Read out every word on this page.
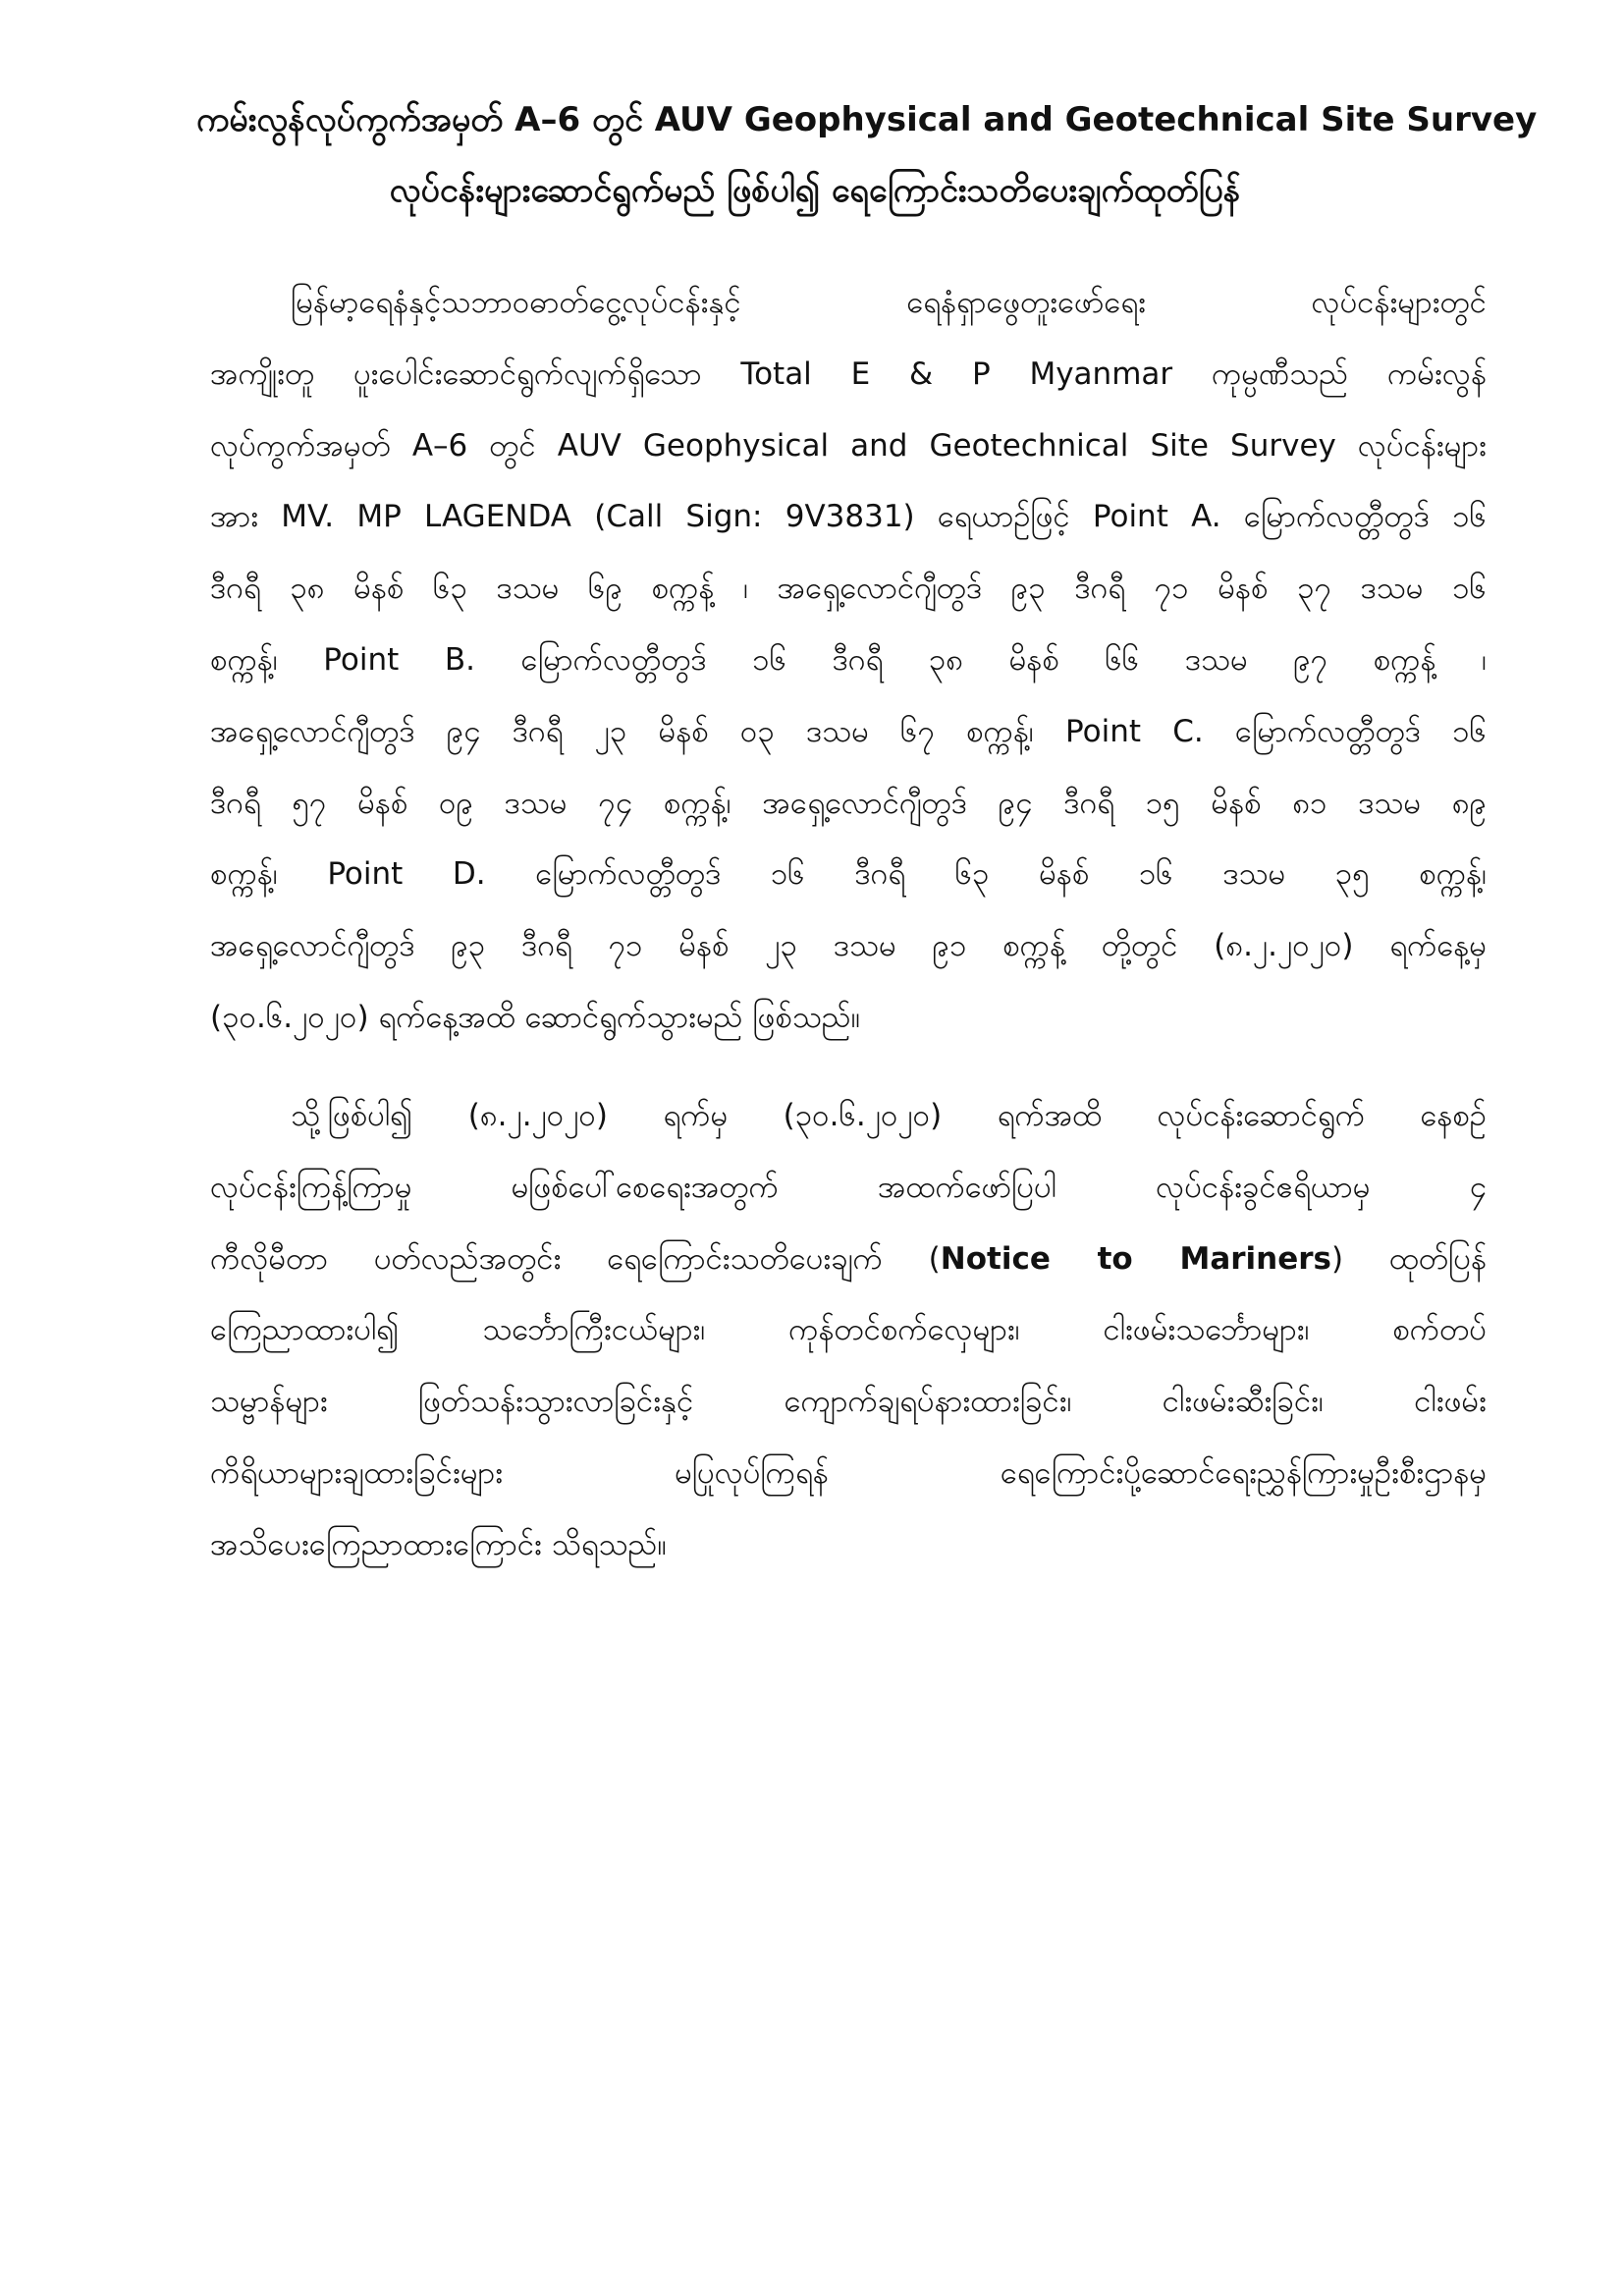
ကမ်းလွန်လုပ်ကွက်အမှတ် A–6 တွင် AUV Geophysical and Geotechnical Site Survey
လုပ်ငန်းများဆောင်ရွက်မည် ဖြစ်ပါ၍ ရေကြောင်းသတိပေးချက်ထုတ်ပြန်
မြန်မာ့ရေနံနှင့်သဘာဝဓာတ်ငွေ့လုပ်ငန်းနှင့် ရေနံရှာဖွေတူးဖော်ရေး လုပ်ငန်းများတွင်
အကျိုးတူ ပူးပေါင်းဆောင်ရွက်လျက်ရှိသော Total E & P Myanmar ကုမ္ပဏီသည် ကမ်းလွန်
လုပ်ကွက်အမှတ် A–6 တွင် AUV Geophysical and Geotechnical Site Survey လုပ်ငန်းများ
အား MV. MP LAGENDA (Call Sign: 9V3831) ရေယာဉ်ဖြင့် Point A. မြောက်လတ္တီတွဒ် ၁၆
ဒီဂရီ ၃၈ မိနစ် ၆၃ ဒသမ ၆၉ စက္ကန့် ၊ အရှေ့လောင်ဂျီတွဒ် ၉၃ ဒီဂရီ ၇၁ မိနစ် ၃၇ ဒသမ ၁၆
စက္ကန့်၊ Point B. မြောက်လတ္တီတွဒ် ၁၆ ဒီဂရီ ၃၈ မိနစ် ၆၆ ဒသမ ၉၇ စက္ကန့် ၊
အရှေ့လောင်ဂျီတွဒ် ၉၄ ဒီဂရီ ၂၃ မိနစ် ၀၃ ဒသမ ၆၇ စက္ကန့်၊ Point C. မြောက်လတ္တီတွဒ် ၁၆
ဒီဂရီ ၅၇ မိနစ် ၀၉ ဒသမ ၇၄ စက္ကန့်၊ အရှေ့လောင်ဂျီတွဒ် ၉၄ ဒီဂရီ ၁၅ မိနစ် ၈၁ ဒသမ ၈၉
စက္ကန့်၊ Point D. မြောက်လတ္တီတွဒ် ၁၆ ဒီဂရီ ၆၃ မိနစ် ၁၆ ဒသမ ၃၅ စက္ကန့်၊
အရှေ့လောင်ဂျီတွဒ် ၉၃ ဒီဂရီ ၇၁ မိနစ် ၂၃ ဒသမ ၉၁ စက္ကန့် တို့တွင် (၈.၂.၂၀၂၀) ရက်နေ့မှ
(၃၀.၆.၂၀၂၀) ရက်နေ့အထိ ဆောင်ရွက်သွားမည် ဖြစ်သည်။
သို့ဖြစ်ပါ၍ (၈.၂.၂၀၂၀) ရက်မှ (၃၀.၆.၂၀၂၀) ရက်အထိ လုပ်ငန်းဆောင်ရွက် နေစဉ်
လုပ်ငန်းကြန့်ကြာမှု မဖြစ်ပေါ်စေရေးအတွက် အထက်ဖော်ပြပါ လုပ်ငန်းခွင်ဧရိယာမှ ၄
ကီလိုမီတာ ပတ်လည်အတွင်း ရေကြောင်းသတိပေးချက် (Notice to Mariners) ထုတ်ပြန်
ကြေညာထားပါ၍ သင်္ဘောကြီးငယ်များ၊ ကုန်တင်စက်လှေများ၊ ငါးဖမ်းသင်္ဘောများ၊ စက်တပ်
သမ္ဗာန်များ ဖြတ်သန်းသွားလာခြင်းနှင့် ကျောက်ချရပ်နားထားခြင်း၊ ငါးဖမ်းဆီးခြင်း၊ ငါးဖမ်း
ကိရိယာများချထားခြင်းများ မပြုလုပ်ကြရန် ရေကြောင်းပို့ဆောင်ရေးညွှန်ကြားမှုဦးစီးဌာနမှ
အသိပေးကြေညာထားကြောင်း သိရသည်။
